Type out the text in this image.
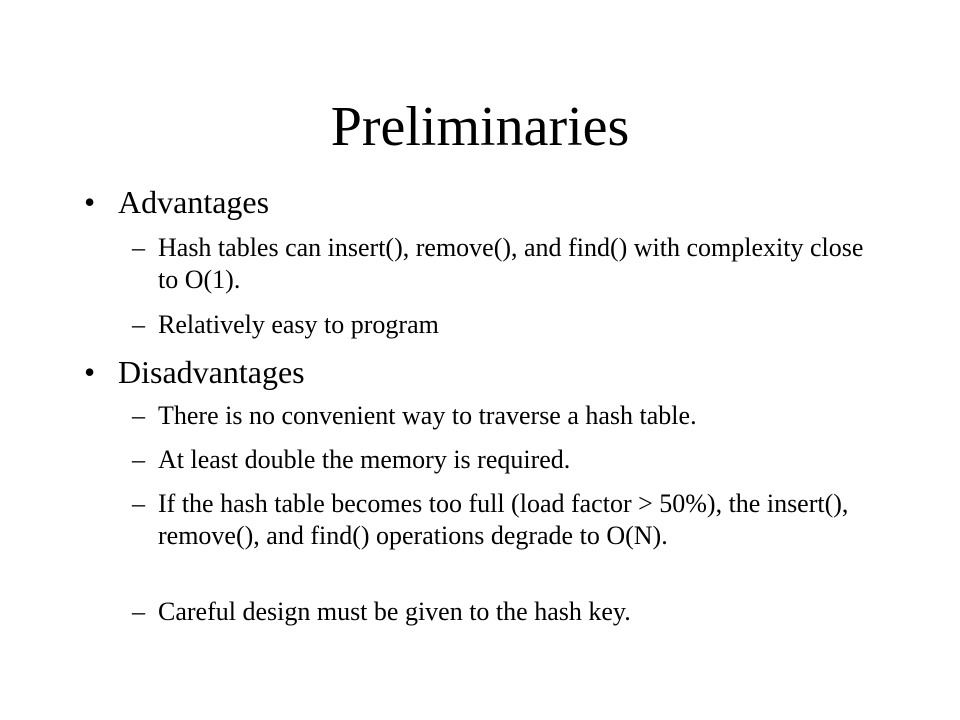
Preliminaries
• Advantages
– Hash tables can insert(), remove(), and find() with complexity close to O(1).
– Relatively easy to program
• Disadvantages
– There is no convenient way to traverse a hash table.
– At least double the memory is required.
– If the hash table becomes too full (load factor > 50%), the insert(), remove(), and find() operations degrade to O(N).
– Careful design must be given to the hash key.
